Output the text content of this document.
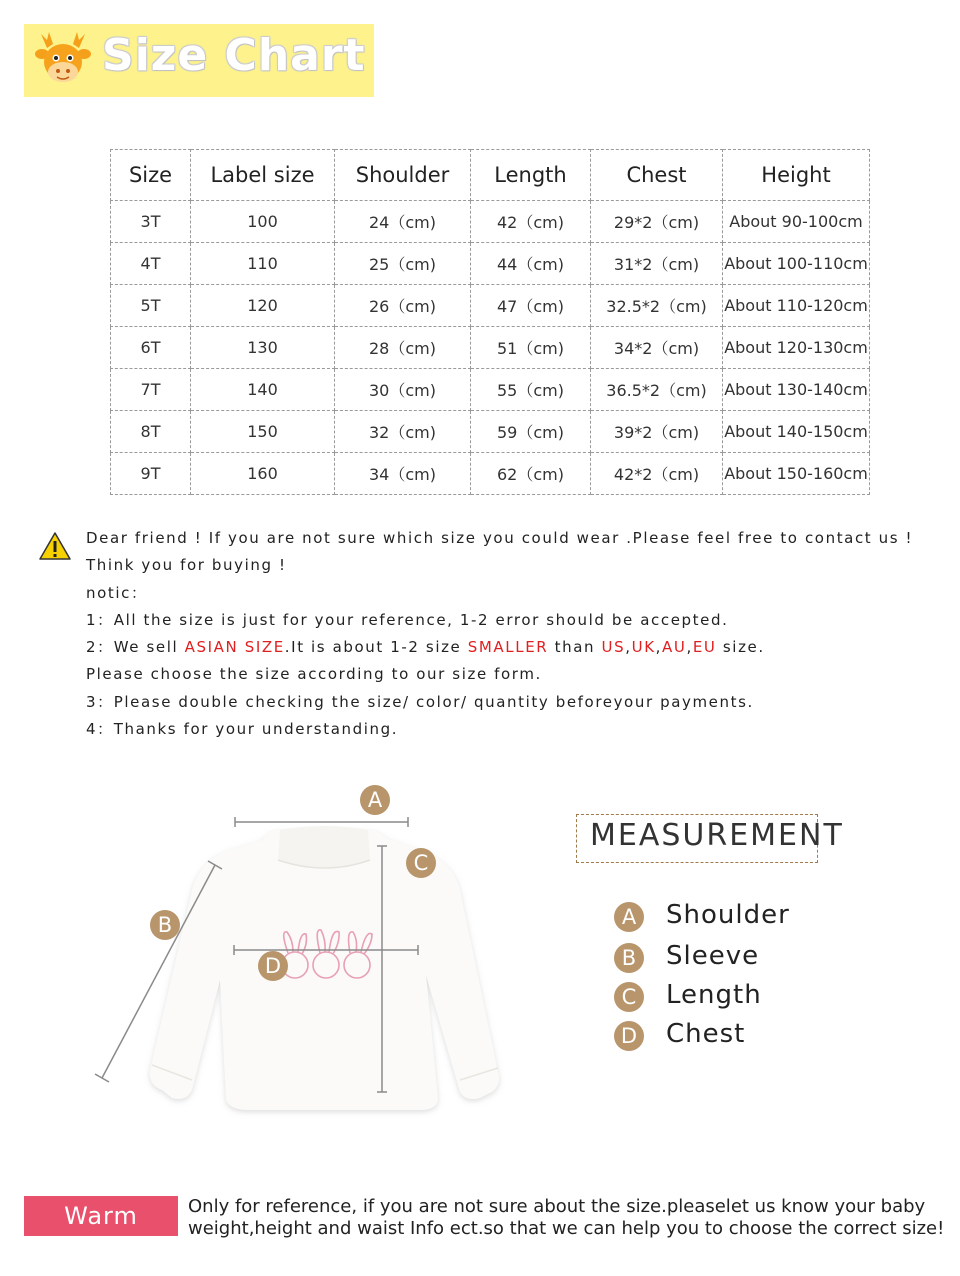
Size Chart
Size	Label size	Shoulder	Length	Chest	Height
3T	100	24（cm)	42（cm)	29*2（cm)	About 90-100cm
4T	110	25（cm)	44（cm)	31*2（cm)	About 100-110cm
5T	120	26（cm)	47（cm)	32.5*2（cm)	About 110-120cm
6T	130	28（cm)	51（cm)	34*2（cm)	About 120-130cm
7T	140	30（cm)	55（cm)	36.5*2（cm)	About 130-140cm
8T	150	32（cm)	59（cm)	39*2（cm)	About 140-150cm
9T	160	34（cm)	62（cm)	42*2（cm)	About 150-160cm
Dear friend ! If you are not sure which size you could wear .Please feel free to contact us !
Think you for buying !
notic：
1：All the size is just for your reference, 1-2 error should be accepted.
2：We sell ASIAN SIZE.It is about 1-2 size SMALLER than US,UK,AU,EU size.
Please choose the size according to our size form.
3：Please double checking the size/ color/ quantity beforeyour payments.
4：Thanks for your understanding.
A
B
C
D
MEASUREMENT
A	Shoulder
B Sleeve
C Length
D Chest
Warm Tips：
Only for reference, if you are not sure about the size.pleaselet us know your baby
weight,height and waist Info ect.so that we can help you to choose the correct size!
